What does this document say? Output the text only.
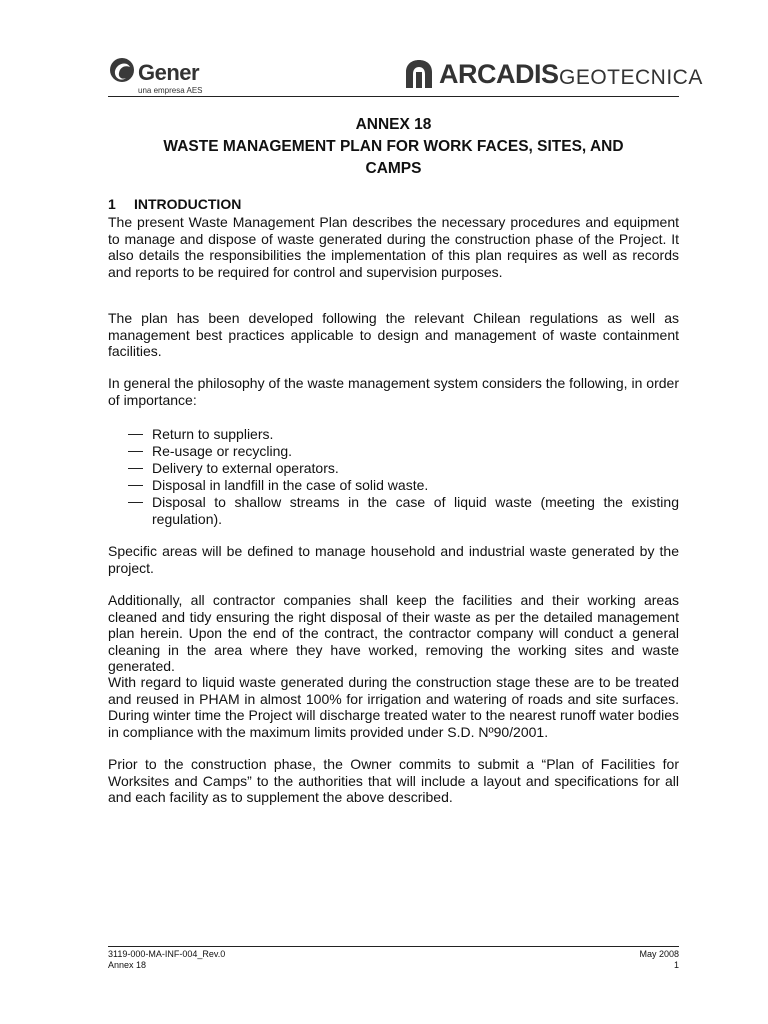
Gener
una empresa AES
ARCADIS GEOTECNICA
ANNEX 18
WASTE MANAGEMENT PLAN FOR WORK FACES, SITES, AND
CAMPS
1 INTRODUCTION

The present Waste Management Plan describes the necessary procedures and equipment to manage and dispose of waste generated during the construction phase of the Project. It also details the responsibilities the implementation of this plan requires as well as records and reports to be required for control and supervision purposes.

The plan has been developed following the relevant Chilean regulations as well as management best practices applicable to design and management of waste containment facilities.

In general the philosophy of the waste management system considers the following, in order of importance:

Return to suppliers.
Re-usage or recycling.
Delivery to external operators.
Disposal in landfill in the case of solid waste.
Disposal to shallow streams in the case of liquid waste (meeting the existing regulation).

Specific areas will be defined to manage household and industrial waste generated by the project.

Additionally, all contractor companies shall keep the facilities and their working areas cleaned and tidy ensuring the right disposal of their waste as per the detailed management plan herein. Upon the end of the contract, the contractor company will conduct a general cleaning in the area where they have worked, removing the working sites and waste generated.

With regard to liquid waste generated during the construction stage these are to be treated and reused in PHAM in almost 100% for irrigation and watering of roads and site surfaces. During winter time the Project will discharge treated water to the nearest runoff water bodies in compliance with the maximum limits provided under S.D. Nº90/2001.

Prior to the construction phase, the Owner commits to submit a “Plan of Facilities for Worksites and Camps” to the authorities that will include a layout and specifications for all and each facility as to supplement the above described.

3119-000-MA-INF-004_Rev.0
Annex 18
May 2008
1
